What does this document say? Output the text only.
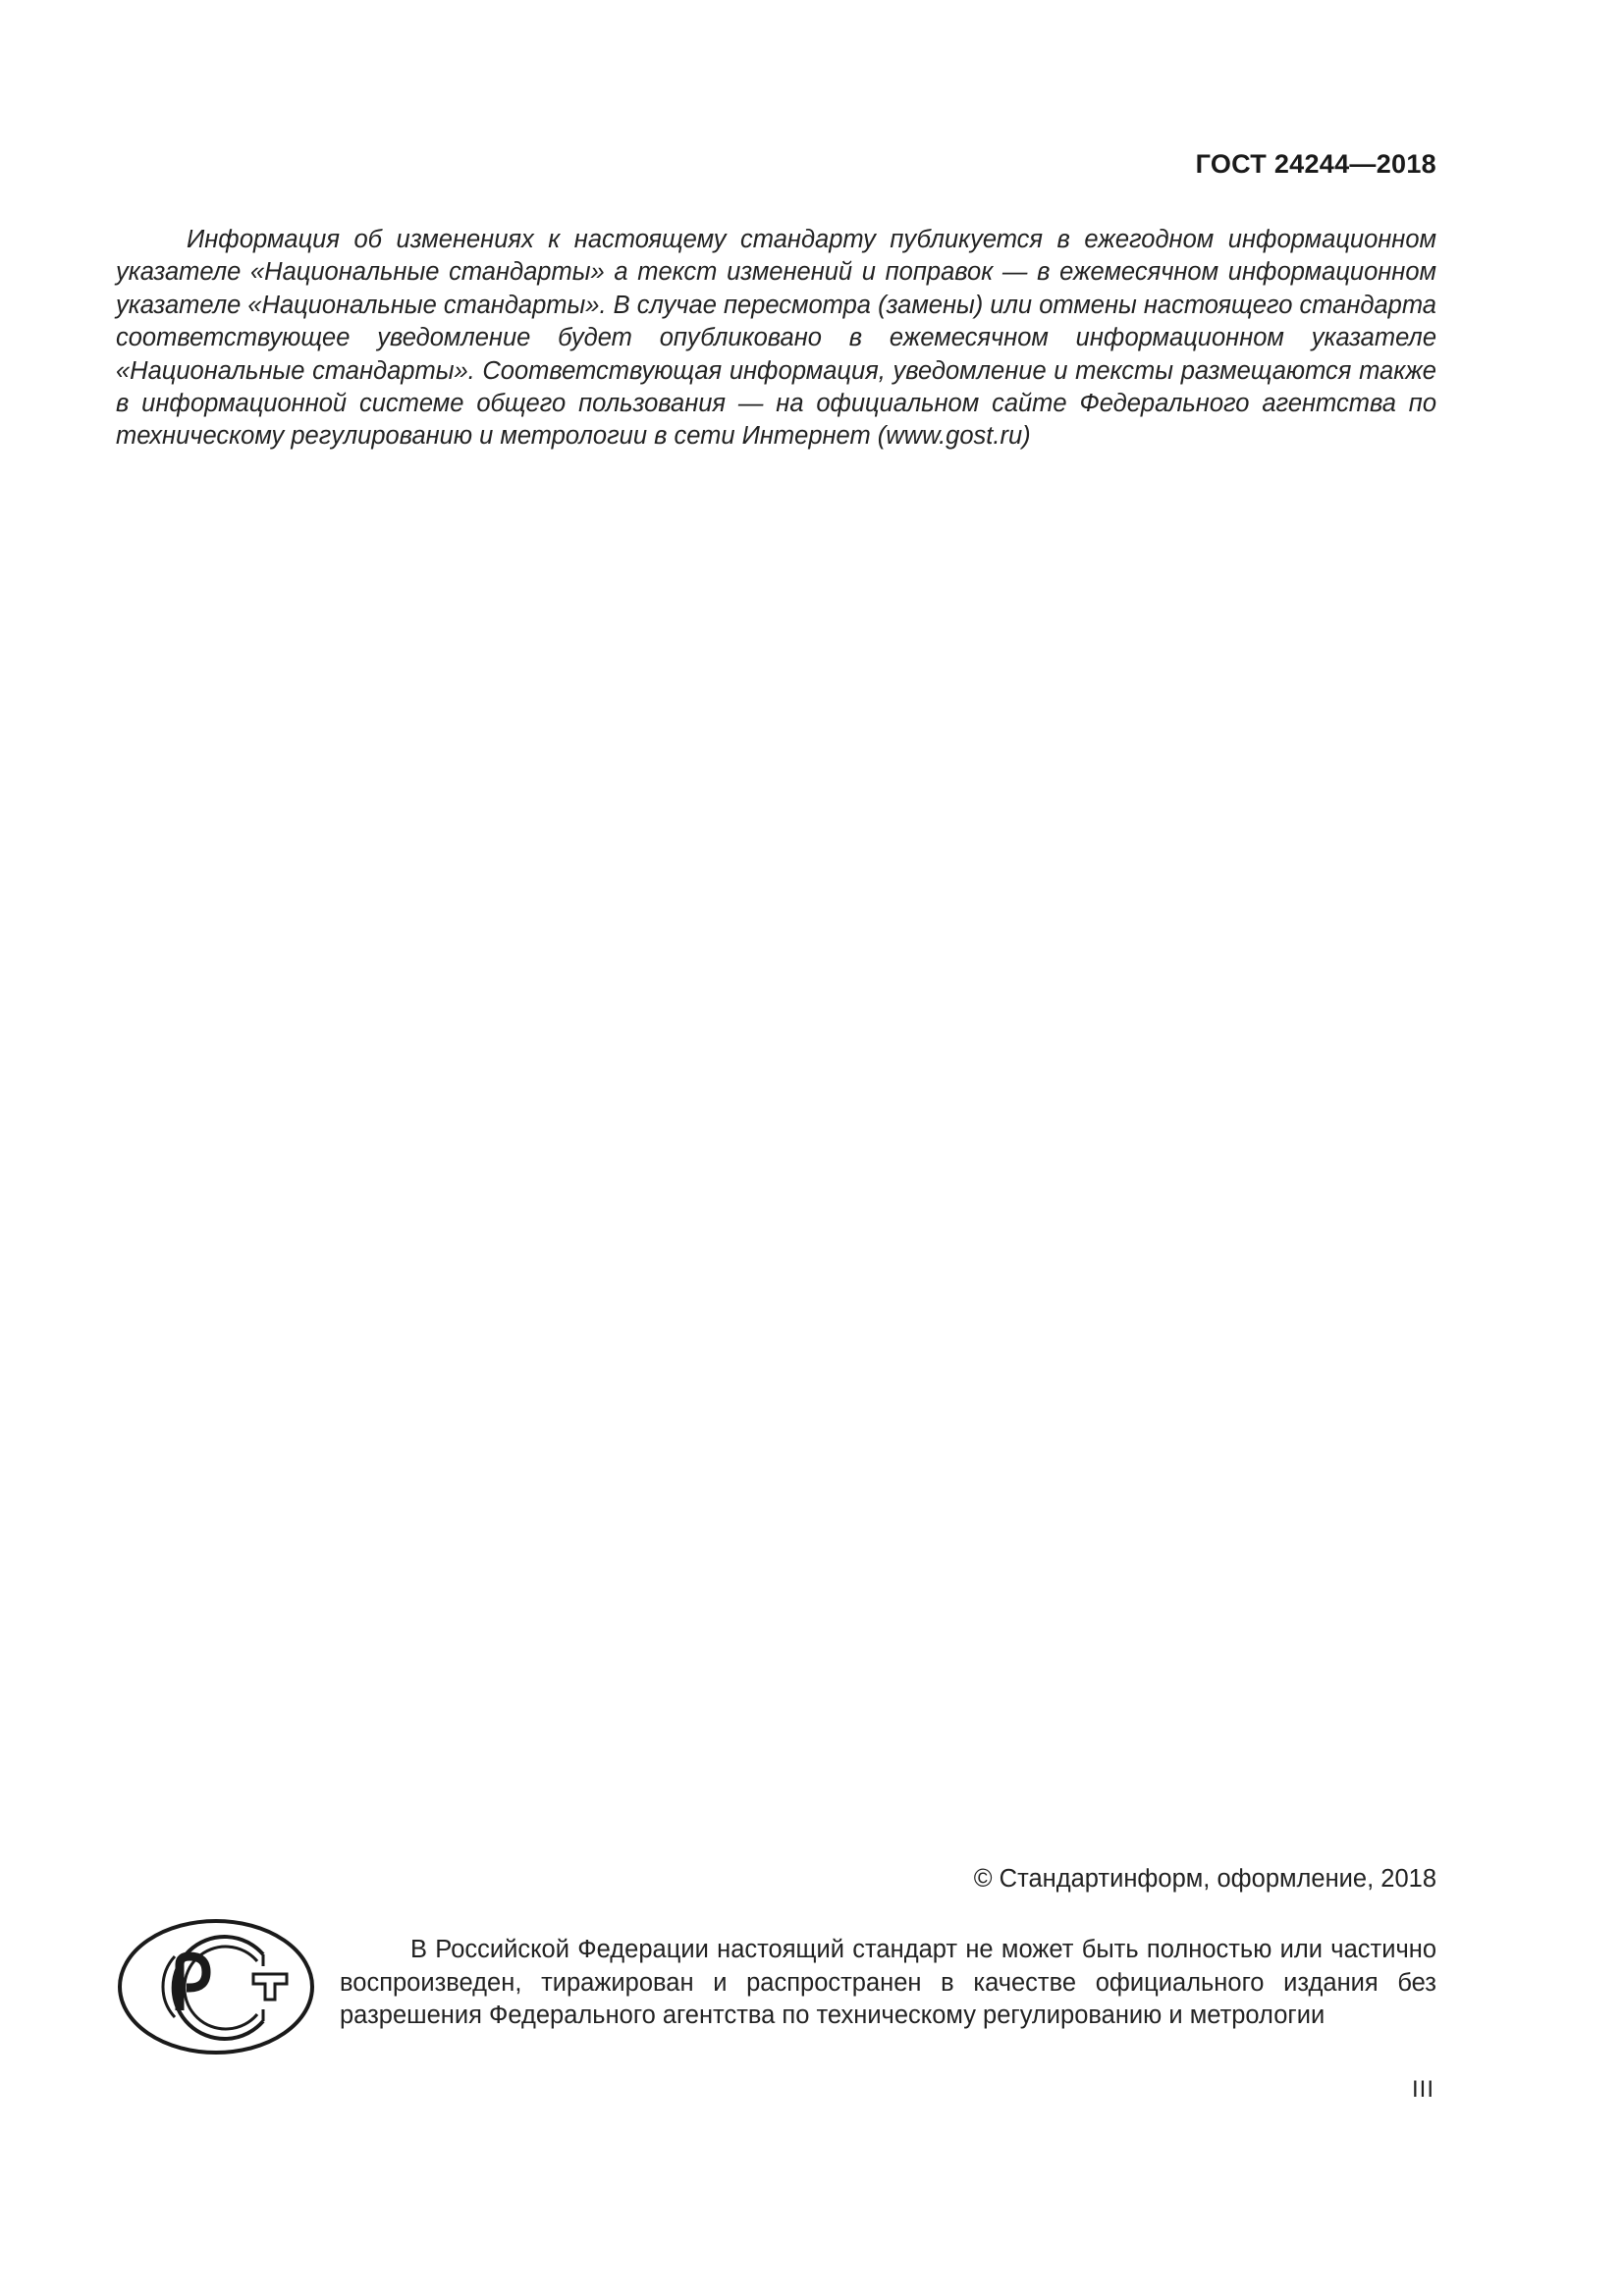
ГОСТ 24244—2018

Информация об изменениях к настоящему стандарту публикуется в ежегодном информационном указателе «Национальные стандарты» а текст изменений и поправок — в ежемесячном информационном указателе «Национальные стандарты». В случае пересмотра (замены) или отмены настоящего стандарта соответствующее уведомление будет опубликовано в ежемесячном информационном указателе «Национальные стандарты». Соответствующая информация, уведомление и тексты размещаются также в информационной системе общего пользования — на официальном сайте Федерального агентства по техническому регулированию и метрологии в сети Интернет (www.gost.ru)

© Стандартинформ, оформление, 2018

В Российской Федерации настоящий стандарт не может быть полностью или частично воспроизведен, тиражирован и распространен в качестве официального издания без разрешения Федерального агентства по техническому регулированию и метрологии

III
